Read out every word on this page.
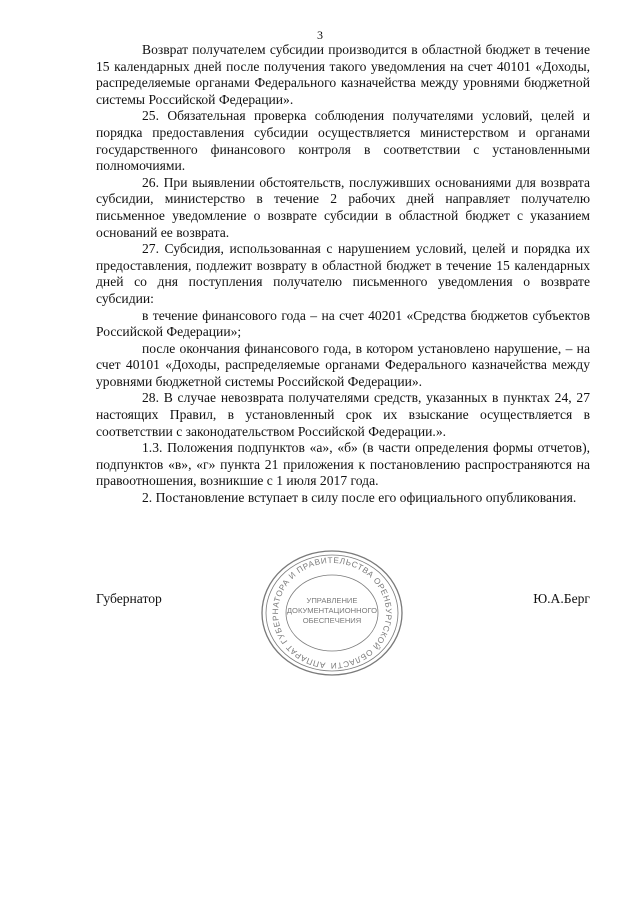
3

Возврат получателем субсидии производится в областной бюджет в течение 15 календарных дней после получения такого уведомления на счет 40101 «Доходы, распределяемые органами Федерального казначейства между уровнями бюджетной системы Российской Федерации».

25. Обязательная проверка соблюдения получателями условий, целей и порядка предоставления субсидии осуществляется министерством и органами государственного финансового контроля в соответствии с установленными полномочиями.

26. При выявлении обстоятельств, послуживших основаниями для возврата субсидии, министерство в течение 2 рабочих дней направляет получателю письменное уведомление о возврате субсидии в областной бюджет с указанием оснований ее возврата.

27. Субсидия, использованная с нарушением условий, целей и порядка их предоставления, подлежит возврату в областной бюджет в течение 15 календарных дней со дня поступления получателю письменного уведомления о возврате субсидии:

в течение финансового года – на счет 40201 «Средства бюджетов субъектов Российской Федерации»;

после окончания финансового года, в котором установлено нарушение, – на счет 40101 «Доходы, распределяемые органами Федерального казначейства между уровнями бюджетной системы Российской Федерации».

28. В случае невозврата получателями средств, указанных в пунктах 24, 27 настоящих Правил, в установленный срок их взыскание осуществляется в соответствии с законодательством Российской Федерации.».

1.3. Положения подпунктов «а», «б» (в части определения формы отчетов), подпунктов «в», «г» пункта 21 приложения к постановлению распространяются на правоотношения, возникшие с 1 июля 2017 года.

2. Постановление вступает в силу после его официального опубликования.

Губернатор	Ю.А.Берг
АППАРАТ ГУБЕРНАТОРА И ПРАВИТЕЛЬСТВА ОРЕНБУРГСКОЙ ОБЛАСТИ
УПРАВЛЕНИЕ
ДОКУМЕНТАЦИОННОГО
ОБЕСПЕЧЕНИЯ
